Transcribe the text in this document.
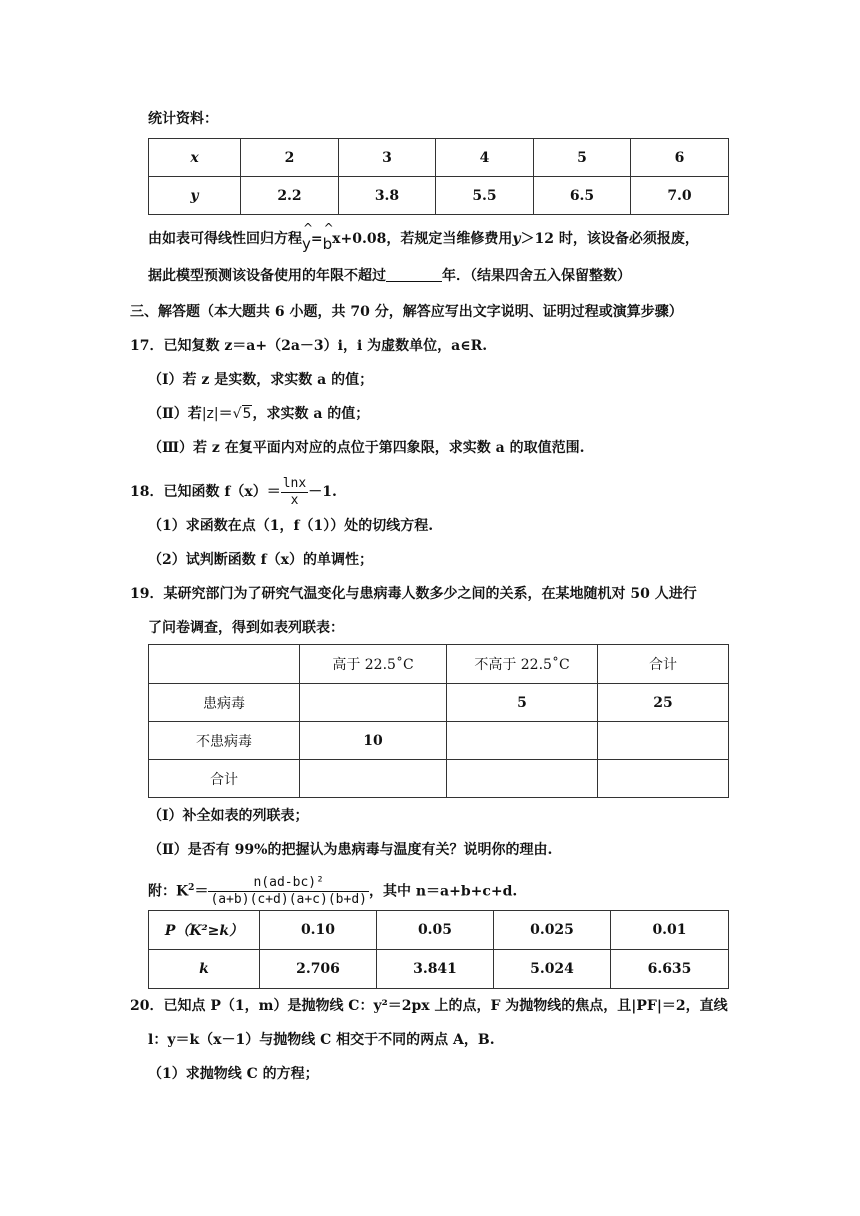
统计资料：
x	2	3	4	5	6
y	2.2	3.8	5.5	6.5	7.0
由如表可得线性回归方程^ y=^ bx+0.08，若规定当维修费用y＞12 时，该设备必须报废，
据此模型预测该设备使用的年限不超过	年．（结果四舍五入保留整数）
三、解答题（本大题共 6 小题，共 70 分，解答应写出文字说明、证明过程或演算步骤）
17．已知复数 z＝a+（2a－3）i，i 为虚数单位，a∈R.
（Ⅰ）若 z 是实数，求实数 a 的值；
（Ⅱ）若|z|＝√5，求实数 a 的值；
（Ⅲ）若 z 在复平面内对应的点位于第四象限，求实数 a 的取值范围.
18．已知函数 $f(x)= \frac{\ln x}{x} -1$.
（1）求函数在点（1，f（1））处的切线方程.
（2）试判断函数 f（x）的单调性；
19．某研究部门为了研究气温变化与患病毒人数多少之间的关系，在某地随机对 50 人进行
了问卷调查，得到如表列联表：
	高于 22.5˚C	不高于 22.5˚C	合计
患病毒		5	25
不患病毒	10		
合计			
（Ⅰ）补全如表的列联表；
（Ⅱ）是否有 99%的把握认为患病毒与温度有关？说明你的理由.
附：$K^2= \frac{\text{n(ad-bc)²}}{(a+b)(c+d)(a+c)(b+d)}$ ，其中 n＝a+b+c+d.
P（K²≥k）	0.10	0.05	0.025	0.01
k	2.706	3.841	5.024	6.635
20．已知点 P（1，m）是抛物线 C：y²＝2px 上的点，F 为抛物线的焦点，且|PF|＝2，直线
l：y＝k（x－1）与抛物线 C 相交于不同的两点 A，B.
（1）求抛物线 C 的方程；
